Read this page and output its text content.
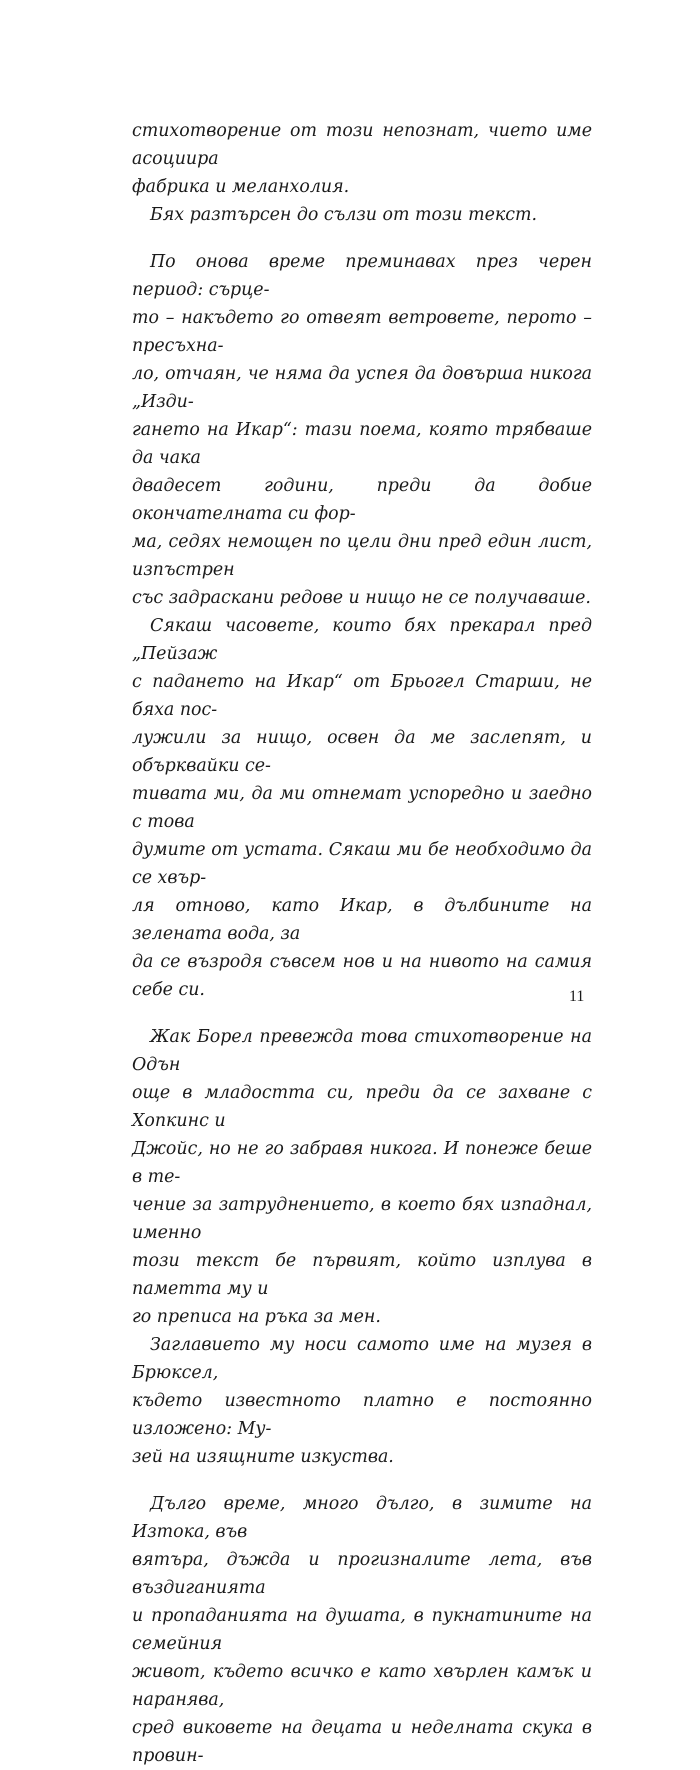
стихотворение от този непознат, чието име асоциира
фабрика и меланхолия.

Бях разтърсен до сълзи от този текст.

По онова време преминавах през черен период: сърце-
то – накъдето го отвеят ветровете, перото – пресъхна-
ло, отчаян, че няма да успея да довърша никога „Изди-
гането на Икар“: тази поема, която трябваше да чака
двадесет години, преди да добие окончателната си фор-
ма, седях немощен по цели дни пред един лист, изпъстрен
със задраскани редове и нищо не се получаваше.

Сякаш часовете, които бях прекарал пред „Пейзаж
с падането на Икар“ от Брьогел Старши, не бяха пос-
лужили за нищо, освен да ме заслепят, и обърквайки се-
тивата ми, да ми отнемат успоредно и заедно с това
думите от устата. Сякаш ми бе необходимо да се хвър-
ля отново, като Икар, в дълбините на зелената вода, за
да се възродя съвсем нов и на нивото на самия себе си.

Жак Борел превежда това стихотворение на Одън
още в младостта си, преди да се захване с Хопкинс и
Джойс, но не го забравя никога. И понеже беше в те-
чение за затруднението, в което бях изпаднал, именно
този текст бе първият, който изплува в паметта му и
го преписа на ръка за мен.

Заглавието му носи самото име на музея в Брюксел,
където известното платно е постоянно изложено: Му-
зей на изящните изкуства.

Дълго време, много дълго, в зимите на Изтока, във
вятъра, дъжда и прогизналите лета, във въздиганията
и пропаданията на душата, в пукнатините на семейния
живот, където всичко е като хвърлен камък и наранява,
сред виковете на децата и неделната скука в провин-

11
